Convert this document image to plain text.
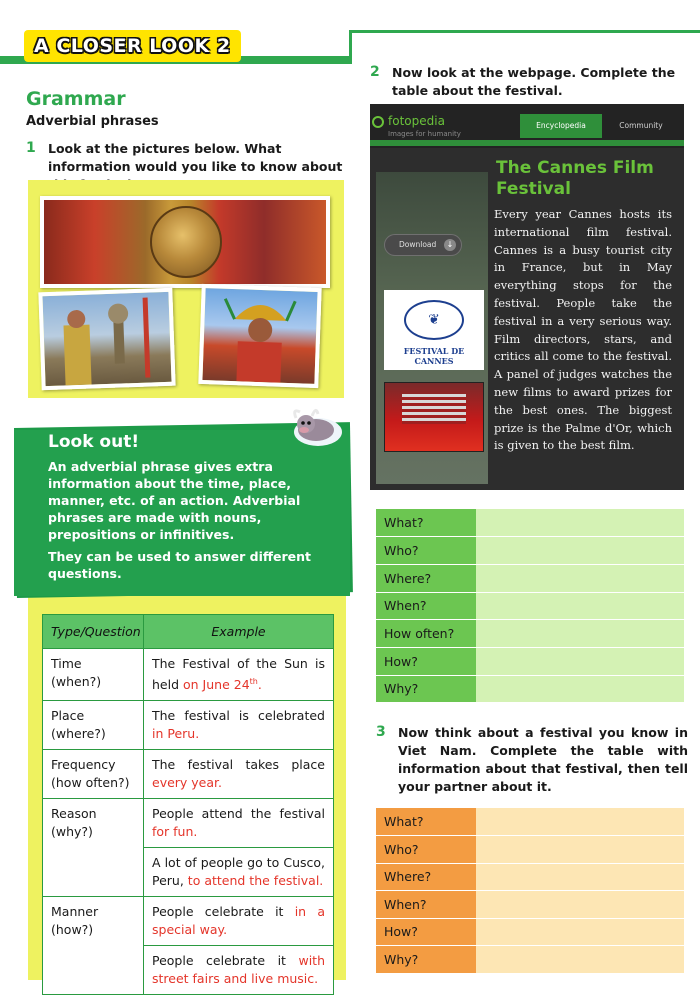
A CLOSER LOOK 2
Grammar
Adverbial phrases
1 Look at the pictures below. What information would you like to know about
Look out!
An adverbial phrase gives extra information about the time, place, manner, etc. of an action. Adverbial phrases are made with nouns, prepositions or infinitives.
They can be used to answer different questions.
Type/Question	Example
Time
(when?)	The Festival of the Sun is held on June 24th.
Place
(where?)	The festival is celebrated in Peru.
Frequency
(how often?)	The festival takes place every year.
Reason
(why?)	People attend the festival for fun.
	A lot of people go to Cusco, Peru, to attend the festival.
Manner
(how?)	People celebrate it in a special way.
	People celebrate it with street fairs and live music.
2 Now look at the webpage. Complete the table about the festival.
fotopedia
Images for humanity
Encyclopedia	Community
Download	↓
❦
FESTIVAL DE CANNES
The Cannes Film Festival
Every year Cannes hosts its international film festival. Cannes is a busy tourist city in France, but in May everything stops for the festival. People take the festival in a very serious way. Film directors, stars, and critics all come to the festival. A panel of judges watches the new films to award prizes for the best ones. The biggest prize is the Palme d'Or, which is given to the best film.
What?	
Who?	
Where?	
When?	
How often?	
How?	
Why?	
3 Now think about a festival you know in Viet Nam. Complete the table with information about that festival, then tell your partner about it.
What?	
Who?	
Where?	
When?	
How?	
Why?	
